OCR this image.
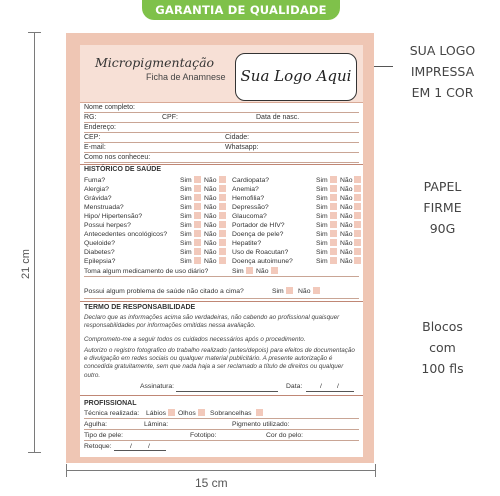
GARANTIA DE QUALIDADE
21 cm
15 cm
SUA LOGO
IMPRESSA
EM 1 COR
PAPEL
FIRME
90G
Blocos
com
100 fls
Micropigmentação
Ficha de Anamnese Sua Logo Aqui
Nome completo:
RG:	CPF:	Data de nasc.
Endereço:
CEP:	Cidade:
E-mail:	Whatsapp:
Como nos conheceu:
HISTÓRICO DE SAÚDE
Fuma?	Sim Não Cardiopata?	Sim Não
Alergia?	Sim Não Anemia?	Sim Não
Grávida?	Sim Não Hemofilia?	Sim Não
Menstruada?	Sim Não Depressão?	Sim Não
Hipo/ Hipertensão?	Sim Não Glaucoma?	Sim Não
Possui herpes?	Sim Não Portador de HIV?	Sim Não
Antecedentes oncológicos? Sim Não Doença de pele?	Sim Não
Queloide?	Sim Não Hepatite?	Sim Não
Diabetes?	Sim Não Uso de Roacutan?	Sim Não
Epilepsia?	Sim Não Doença autoimune?	Sim Não
Toma algum medicamento de uso diário?	Sim Não
Possui algum problema de saúde não citado a cima?	Sim Não
TERMO DE RESPONSABILIDADE
Declaro que as informações acima são verdadeiras, não cabendo ao profissional quaisquer responsabilidades por informações omitidas nessa avaliação.
Comprometo-me a seguir todos os cuidados necessários após o procedimento.
Autorizo o registro fotografico do trabalho realizado (antes/depois) para efeitos de documentação e divulgação em redes sociais ou qualquer material publicitário. A presente autorização é concedida gratuitamente, sem que nada haja a ser reclamado a título de direitos ou qualquer outro.
Assinatura:	Data:	/ /
PROFISSIONAL
Técnica realizada: Lábios Olhos Sobrancelhas
Agulha:	Lâmina:	Pigmento utilizado:
Tipo de pele:	Fototipo:	Cor do pelo:
Retoque:	/ /
